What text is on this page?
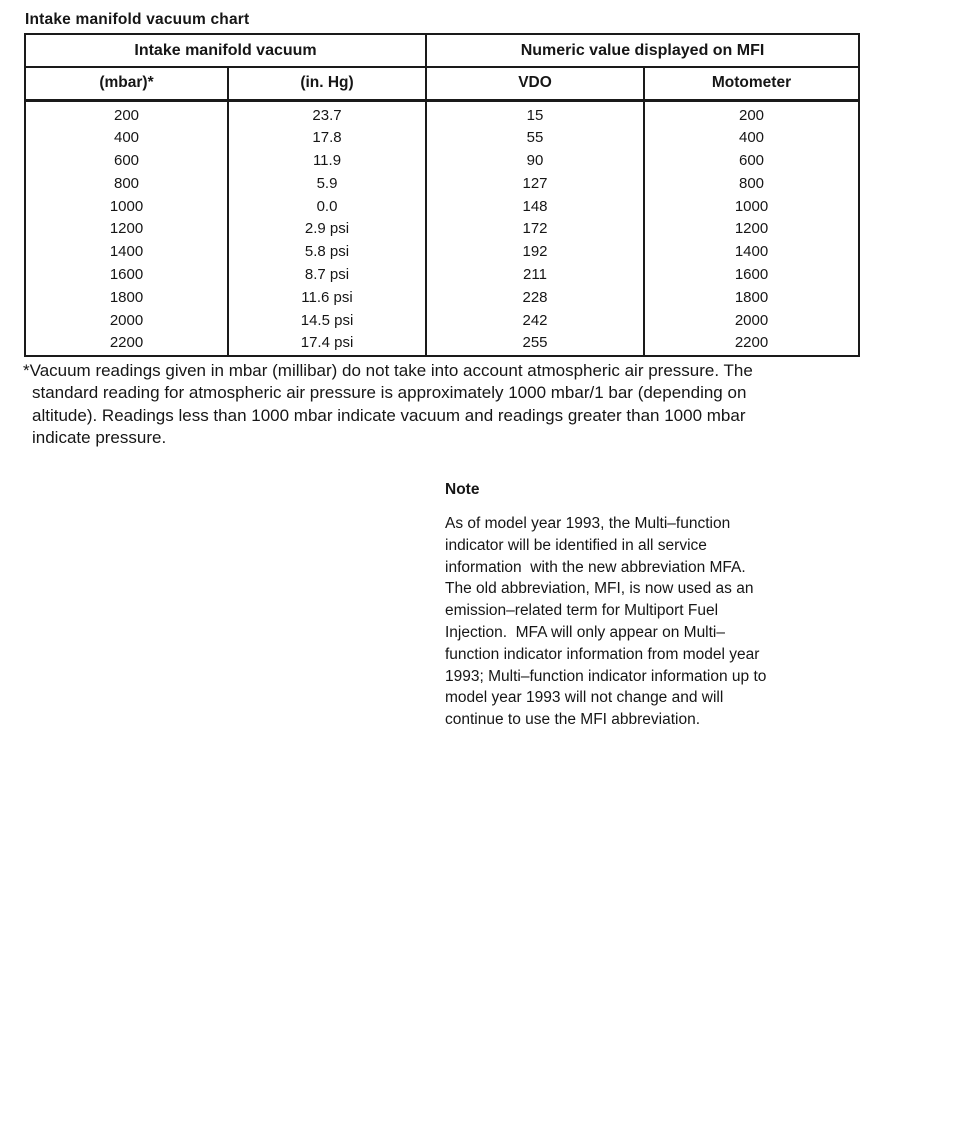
Intake manifold vacuum chart
Intake manifold vacuum		Numeric value displayed on MFI	
(mbar)*	(in. Hg)	VDO	Motometer
200	23.7	15	200
400	17.8	55	400
600	11.9	90	600
800	5.9	127	800
1000	0.0	148	1000
1200	2.9 psi	172	1200
1400	5.8 psi	192	1400
1600	8.7 psi	211	1600
1800	11.6 psi	228	1800
2000	14.5 psi	242	2000
2200	17.4 psi	255	2200
*Vacuum readings given in mbar (millibar) do not take into account atmospheric air pressure. The
standard reading for atmospheric air pressure is approximately 1000 mbar/1 bar (depending on
altitude). Readings less than 1000 mbar indicate vacuum and readings greater than 1000 mbar
indicate pressure.
Note
As of model year 1993, the Multi–function
indicator will be identified in all service
information  with the new abbreviation MFA.
The old abbreviation, MFI, is now used as an
emission–related term for Multiport Fuel
Injection.  MFA will only appear on Multi–
function indicator information from model year
1993; Multi–function indicator information up to
model year 1993 will not change and will
continue to use the MFI abbreviation.
